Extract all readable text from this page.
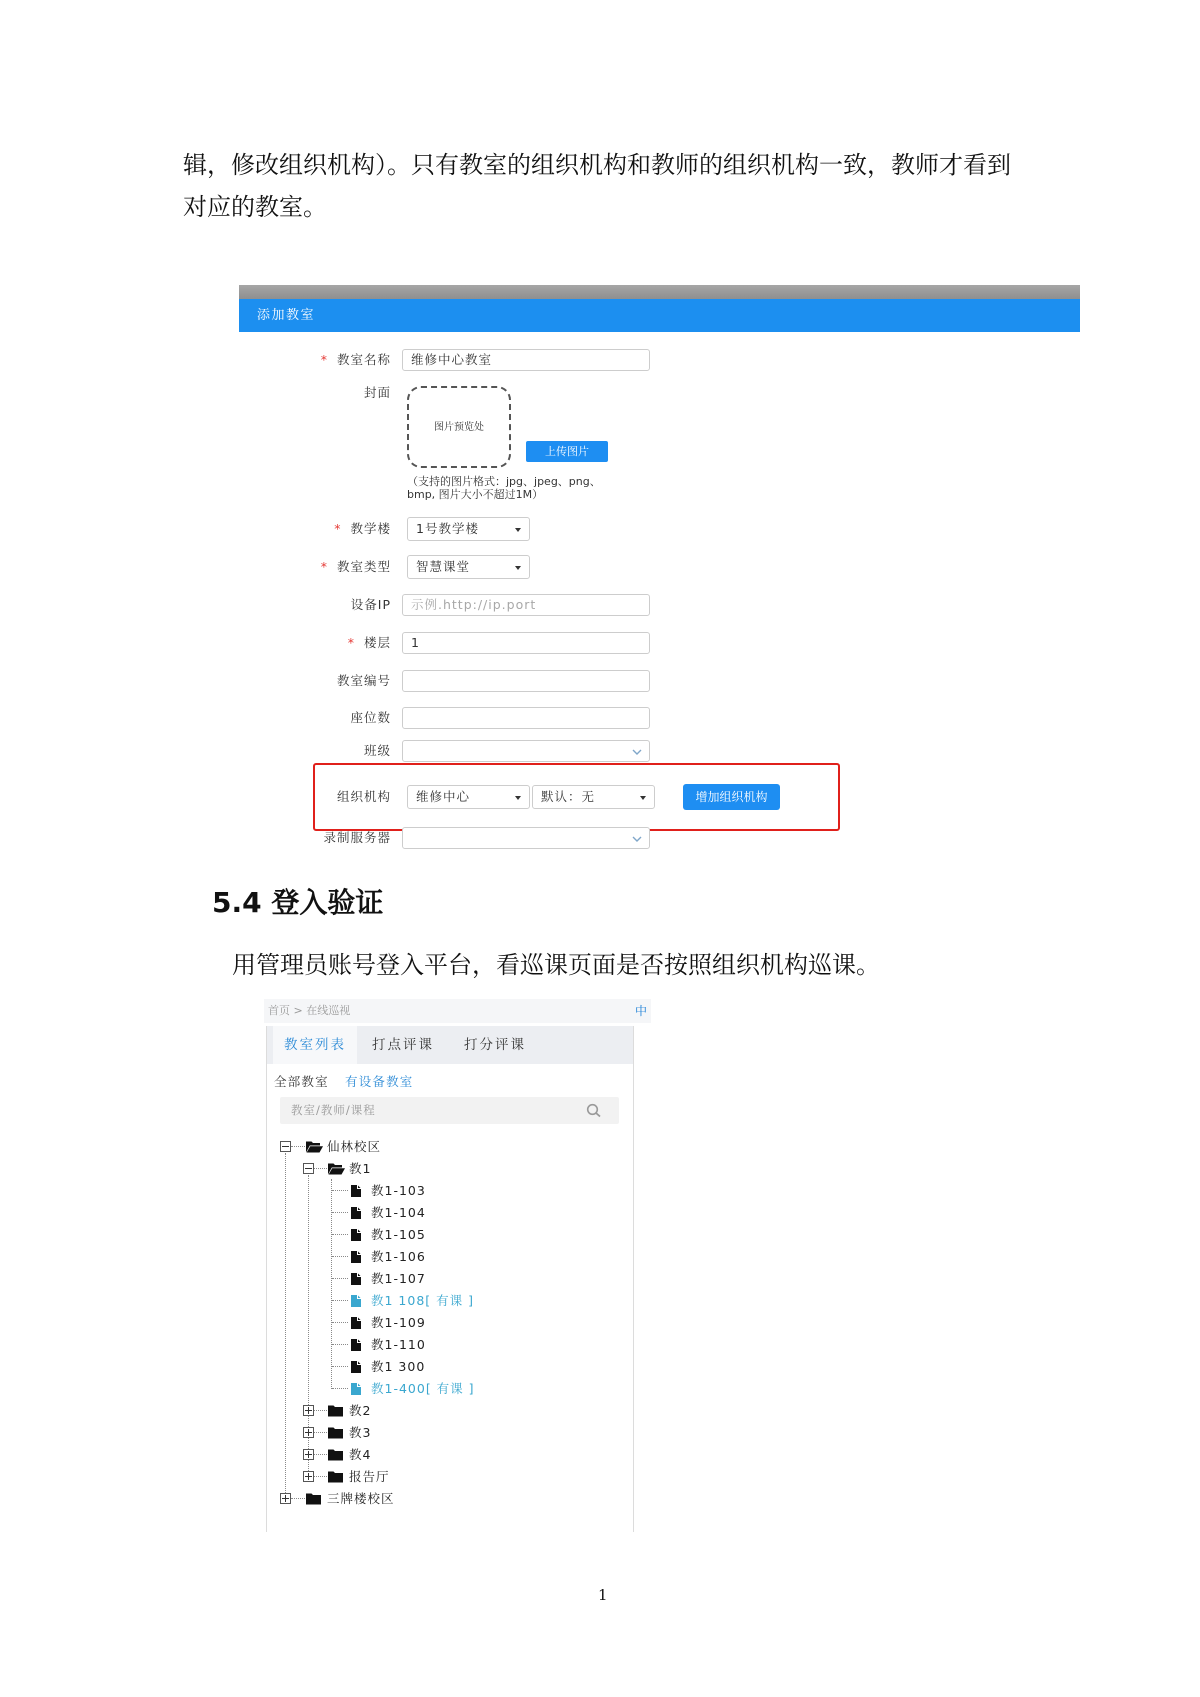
辑，修改组织机构）。只有教室的组织机构和教师的组织机构一致，教师才看到
对应的教室。
添加教室
* 教室名称 维修中心教室
封面
图片预览处
上传图片
（支持的图片格式：jpg、jpeg、png、
bmp, 图片大小不超过1M）
* 教学楼 1号教学楼
* 教室类型 智慧课堂
设备IP 示例.http://ip.port
* 楼层 1
教室编号
座位数
班级
组织机构 维修中心	默认：无	增加组织机构
录制服务器
5.4 登入验证
用管理员账号登入平台，看巡课页面是否按照组织机构巡课。
首页 > 在线巡视	中
教室列表	打点评课 打分评课
全部教室 有设备教室
教室/教师/课程
仙林校区
教1
教1-103
教1-104
教1-105
教1-106
教1-107
教1 108[ 有课 ]
教1-109
教1-110
教1 300
教1-400[ 有课 ]
教2
教3
教4
报告厅
三牌楼校区
1
